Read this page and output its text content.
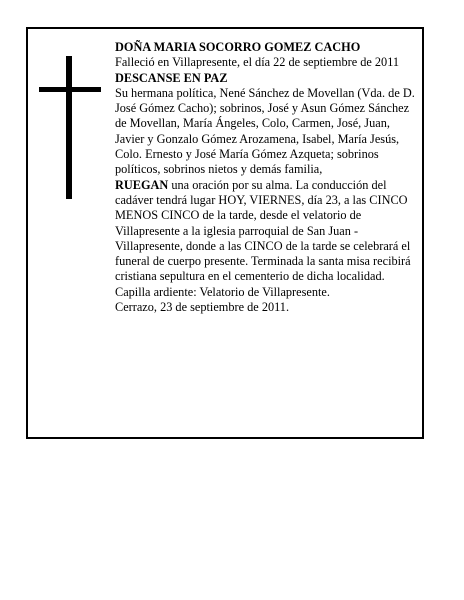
DOÑA MARIA SOCORRO GOMEZ CACHO

Falleció en Villapresente, el día 22 de septiembre de 2011

DESCANSE EN PAZ

Su hermana política, Nené Sánchez de Movellan (Vda. de D. José Gómez Cacho); sobrinos, José y Asun Gómez Sánchez de Movellan, María Ángeles, Colo, Carmen, José, Juan, Javier y Gonzalo Gómez Arozamena, Isabel, María Jesús, Colo. Ernesto y José María Gómez Azqueta; sobrinos políticos, sobrinos nietos y demás familia,

RUEGAN una oración por su alma. La conducción del cadáver tendrá lugar HOY, VIERNES, día 23, a las CINCO MENOS CINCO de la tarde, desde el velatorio de Villapresente a la iglesia parroquial de San Juan - Villapresente, donde a las CINCO de la tarde se celebrará el funeral de cuerpo presente. Terminada la santa misa recibirá cristiana sepultura en el cementerio de dicha localidad. Capilla ardiente: Velatorio de Villapresente.

Cerrazo, 23 de septiembre de 2011.
